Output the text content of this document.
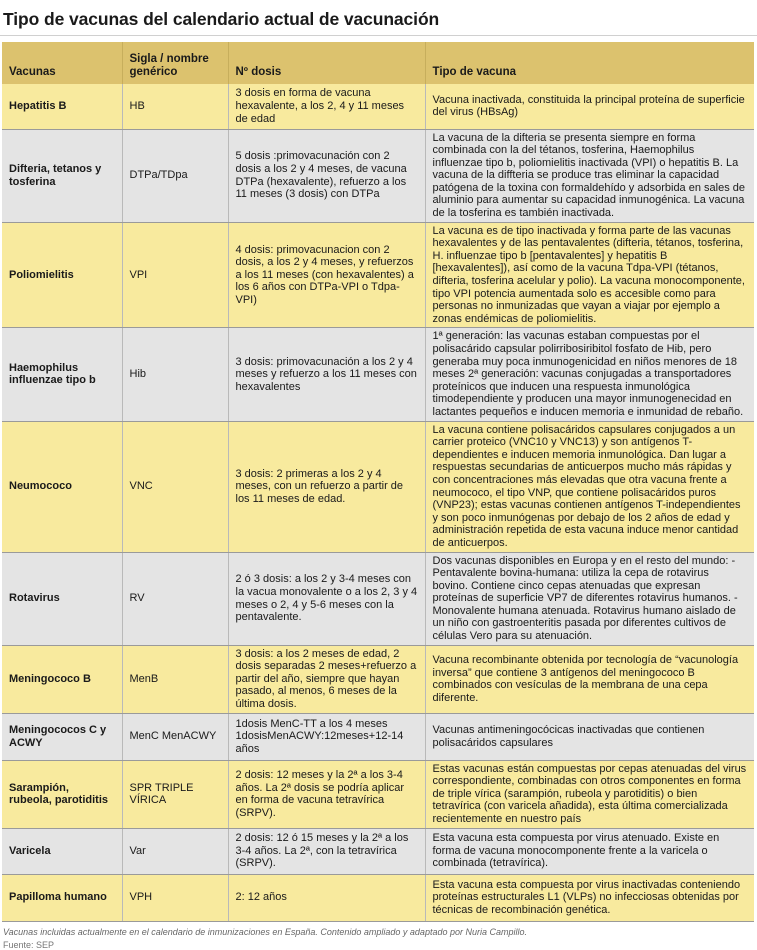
Tipo de vacunas del calendario actual de vacunación
Vacunas	Sigla / nombre genérico	Nº dosis	Tipo de vacuna
Hepatitis B	HB	3 dosis en forma de vacuna hexavalente, a los 2, 4 y 11 meses de edad	Vacuna inactivada, constituida la principal proteína de superficie del virus (HBsAg)
Difteria, tetanos y tosferina	DTPa/TDpa	5 dosis :primovacunación con 2 dosis a los 2 y 4 meses, de vacuna DTPa (hexavalente), refuerzo a los 11 meses (3 dosis) con DTPa	La vacuna de la difteria se presenta siempre en forma combinada con la del tétanos, tosferina, Haemophilus influenzae tipo b, poliomielitis inactivada (VPI) o hepatitis B. La vacuna de la diffteria se produce tras eliminar la capacidad patógena de la toxina con formaldehído y adsorbida en sales de aluminio para aumentar su capacidad inmunogénica. La vacuna de la tosferina es también inactivada.
Poliomielitis	VPI	4 dosis: primovacunacion con 2 dosis, a los 2 y 4 meses, y refuerzos a los 11 meses (con hexavalentes) a los 6 años con DTPa-VPI o Tdpa-VPI)	La vacuna es de tipo inactivada y forma parte de las vacunas hexavalentes y de las pentavalentes (difteria, tétanos, tosferina, H. influenzae tipo b [pentavalentes] y hepatitis B [hexavalentes]), así como de la vacuna Tdpa-VPI (tétanos, difteria, tosferina acelular y polio). La vacuna monocomponente, tipo VPI potencia aumentada solo es accesible como para personas no inmunizadas que vayan a viajar por ejemplo a zonas endémicas de poliomielitis.
Haemophilus influenzae tipo b	Hib	3 dosis: primovacunación a los 2 y 4 meses y refuerzo a los 11 meses con hexavalentes	1ª generación: las vacunas estaban compuestas por el polisacárido capsular polirribosiribitol fosfato de Hib, pero generaba muy poca inmunogenicidad en niños menores de 18 meses 2ª generación: vacunas conjugadas a transportadores proteínicos que inducen una respuesta inmunológica timodependiente y producen una mayor inmunogenecidad en lactantes pequeños e inducen memoria e inmunidad de rebaño.
Neumococo	VNC	3 dosis: 2 primeras a los 2 y 4 meses, con un refuerzo a partir de los 11 meses de edad.	La vacuna contiene polisacáridos capsulares conjugados a un carrier proteico (VNC10 y VNC13) y son antígenos T-dependientes e inducen memoria inmunológica. Dan lugar a respuestas secundarias de anticuerpos mucho más rápidas y con concentraciones más elevadas que otra vacuna frente a neumococo, el tipo VNP, que contiene polisacáridos puros (VNP23); estas vacunas contienen antígenos T-independientes y son poco inmunógenas por debajo de los 2 años de edad y administración repetida de esta vacuna induce menor cantidad de anticuerpos.
Rotavirus	RV	2 ó 3 dosis: a los 2 y 3-4 meses con la vacua monovalente o a los 2, 3 y 4 meses o 2, 4 y 5-6 meses con la pentavalente.	Dos vacunas disponibles en Europa y en el resto del mundo: - Pentavalente bovina-humana: utiliza la cepa de rotavirus bovino. Contiene cinco cepas atenuadas que expresan proteínas de superficie VP7 de diferentes rotavirus humanos. - Monovalente humana atenuada. Rotavirus humano aislado de un niño con gastroenteritis pasada por diferentes cultivos de células Vero para su atenuación.
Meningococo B	MenB	3 dosis: a los 2 meses de edad, 2 dosis separadas 2 meses+refuerzo a partir del año, siempre que hayan pasado, al menos, 6 meses de la última dosis.	Vacuna recombinante obtenida por tecnología de “vacunología inversa” que contiene 3 antígenos del meningococo B combinados con vesículas de la membrana de una cepa diferente.
Meningococos C y ACWY	MenC MenACWY	1dosis MenC-TT a los 4 meses 1dosisMenACWY:12meses+12-14 años	Vacunas antimeningocócicas inactivadas que contienen polisacáridos capsulares
Sarampión, rubeola, parotiditis	SPR TRIPLE VÍRICA	2 dosis: 12 meses y la 2ª a los 3-4 años. La 2ª dosis se podría aplicar en forma de vacuna tetravírica (SRPV).	Estas vacunas están compuestas por cepas atenuadas del virus correspondiente, combinadas con otros componentes en forma de triple vírica (sarampión, rubeola y parotiditis) o bien tetravírica (con varicela añadida), esta última comercializada recientemente en nuestro país
Varicela	Var	2 dosis: 12 ó 15 meses y la 2ª a los 3-4 años. La 2ª, con la tetravírica (SRPV).	Esta vacuna esta compuesta por virus atenuado. Existe en forma de vacuna monocomponente frente a la varicela o combinada (tetravírica).
Papilloma humano	VPH	2: 12 años	Esta vacuna esta compuesta por virus inactivadas conteniendo proteínas estructurales L1 (VLPs) no infecciosas obtenidas por técnicas de recombinación genética.
Vacunas incluidas actualmente en el calendario de inmunizaciones en España. Contenido ampliado y adaptado por Nuria Campillo.
Fuente: SEP
